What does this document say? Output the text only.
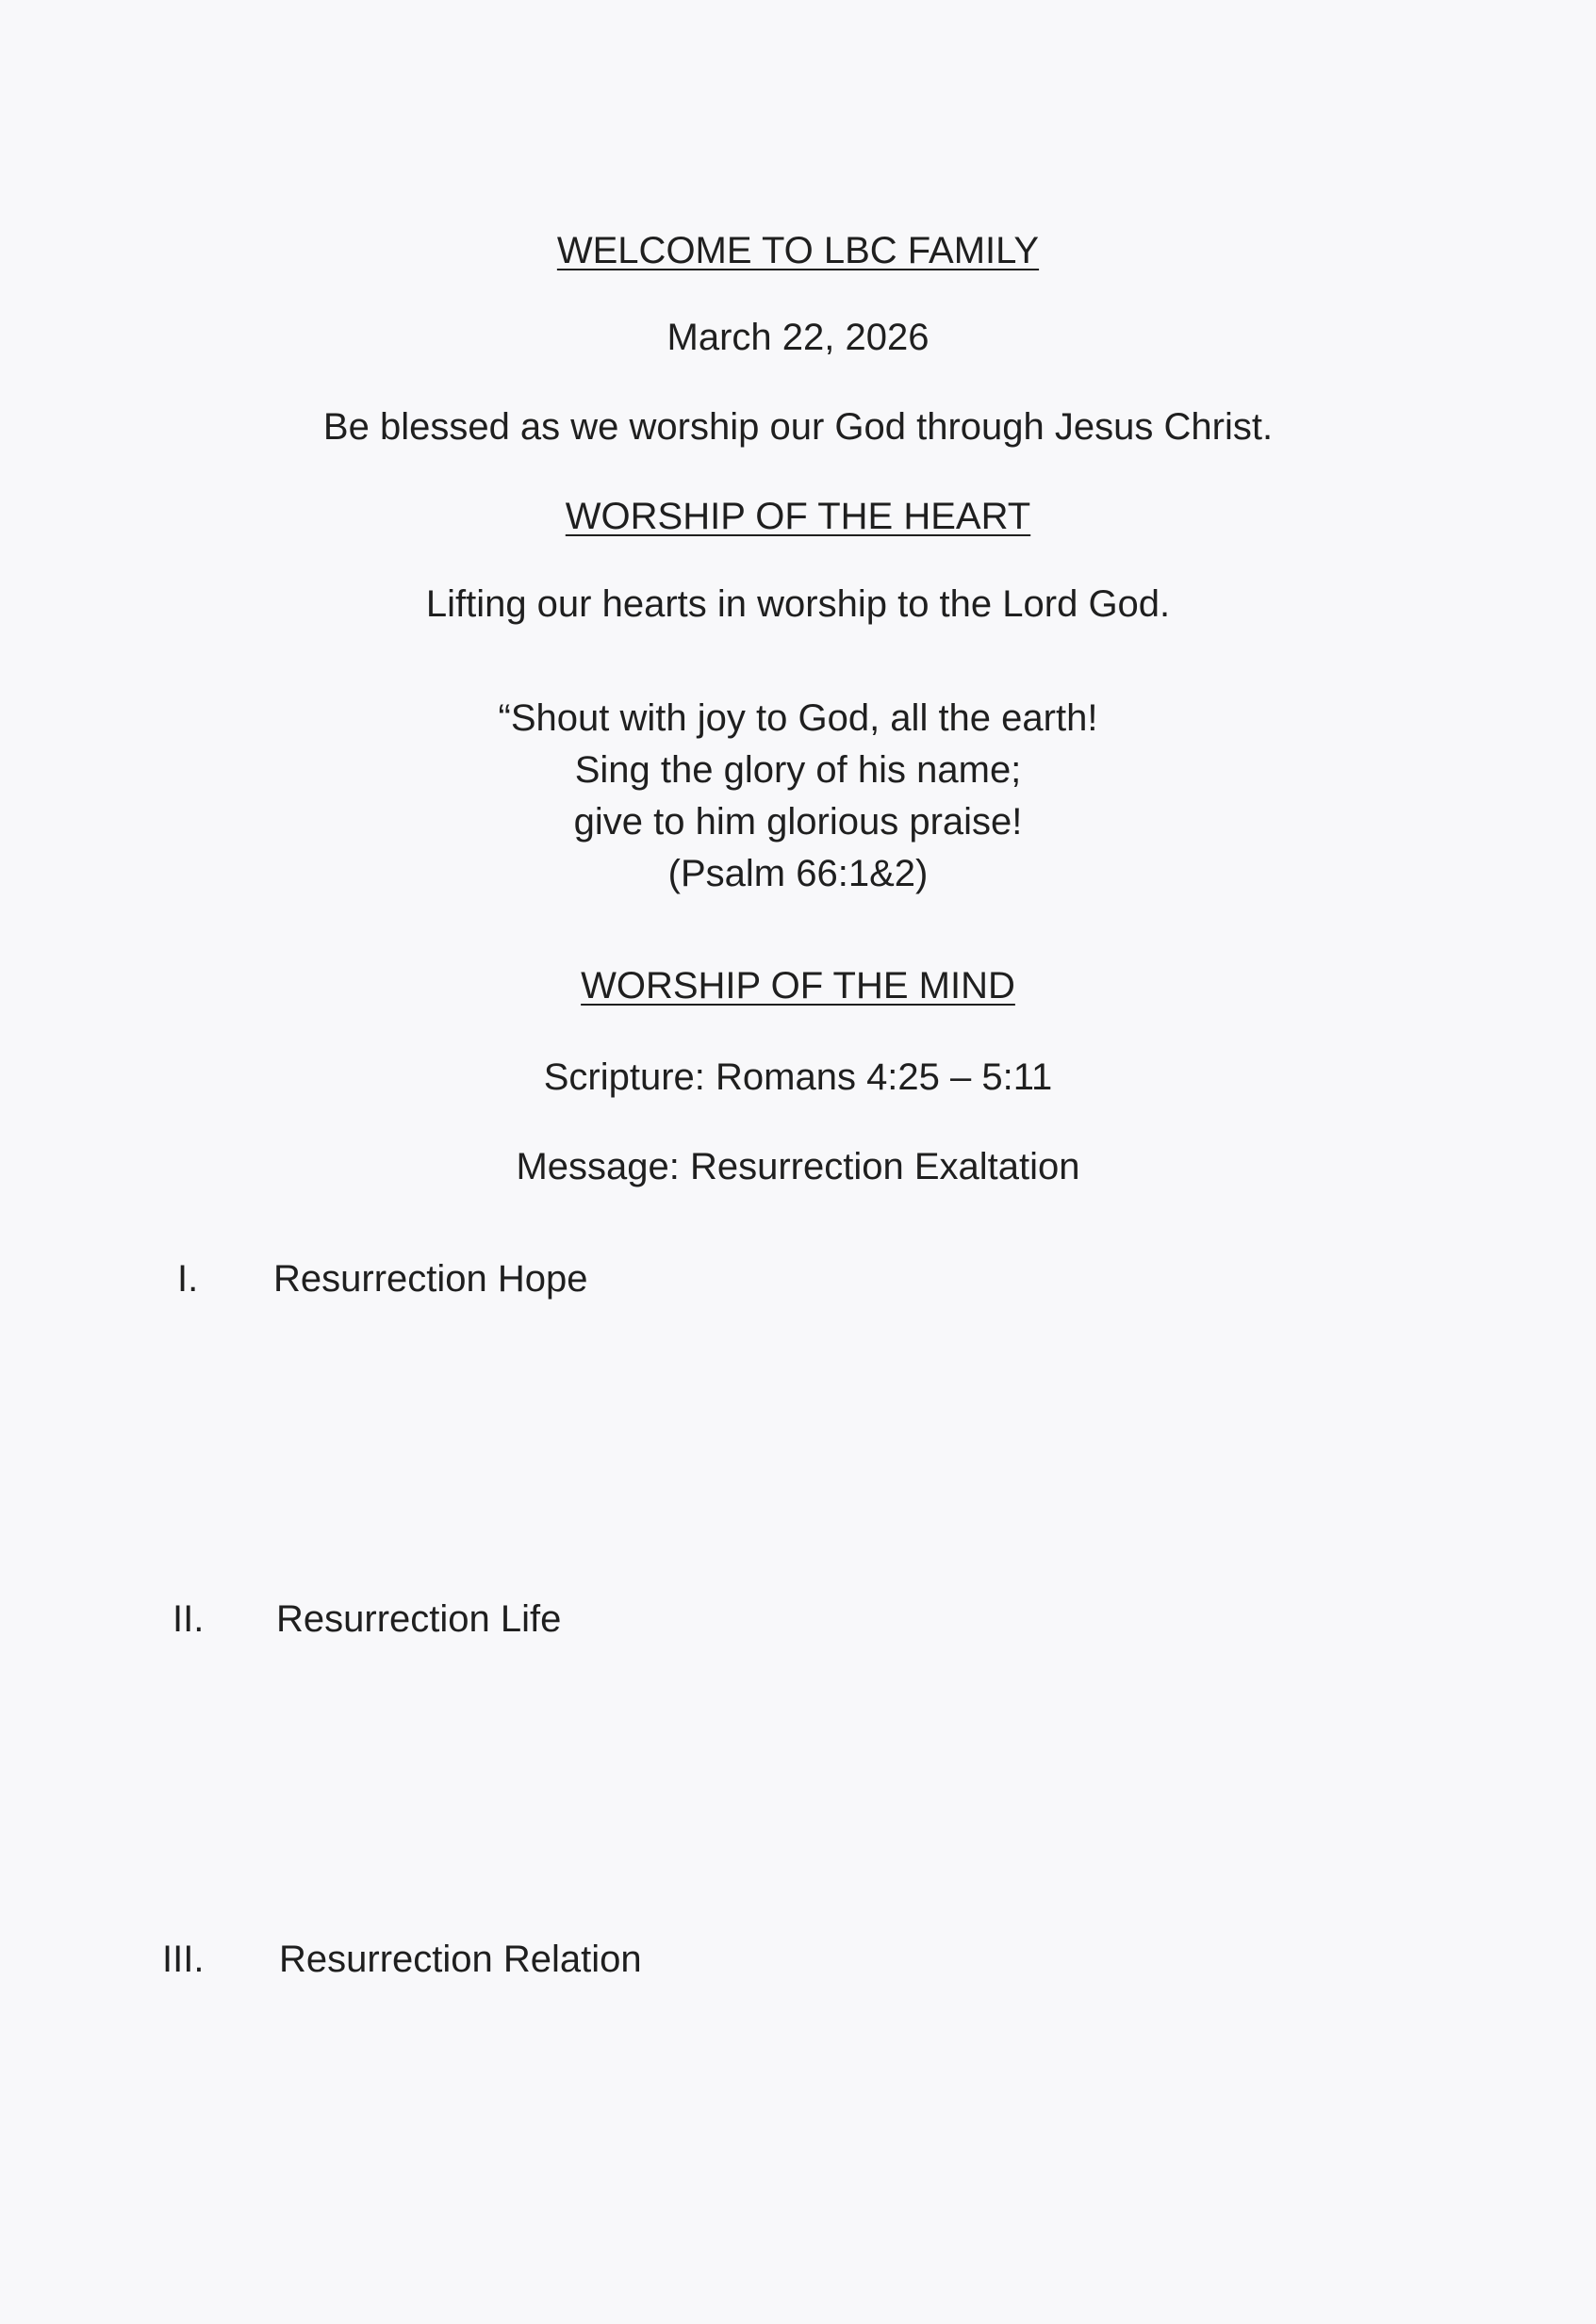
WELCOME TO LBC FAMILY
March 22, 2026
Be blessed as we worship our God through Jesus Christ.
WORSHIP OF THE HEART
Lifting our hearts in worship to the Lord God.
“Shout with joy to God, all the earth!
Sing the glory of his name;
give to him glorious praise!
(Psalm 66:1&2)
WORSHIP OF THE MIND
Scripture: Romans 4:25 – 5:11
Message: Resurrection Exaltation
I. Resurrection Hope
II. Resurrection Life
III. Resurrection Relation
